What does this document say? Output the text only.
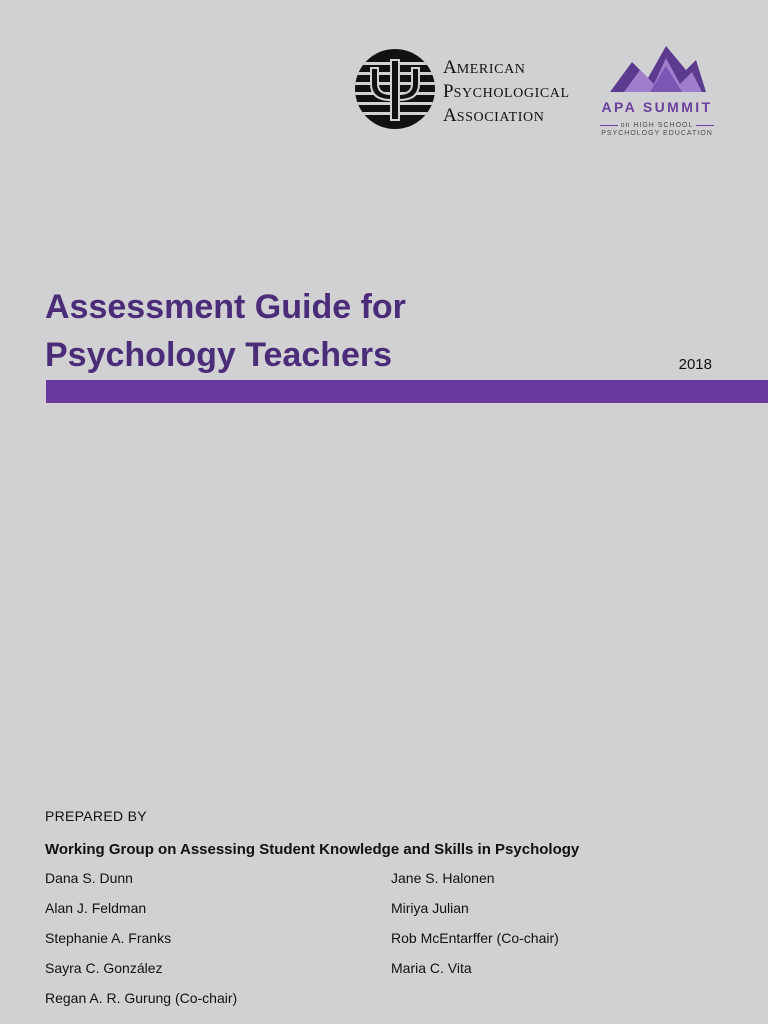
AMERICAN
PSYCHOLOGICAL
ASSOCIATION
APA SUMMIT
on HIGH SCHOOL
PSYCHOLOGY EDUCATION
Assessment Guide for
Psychology Teachers	2018
PREPARED BY
Working Group on Assessing Student Knowledge and Skills in Psychology
Dana S. Dunn
Alan J. Feldman
Stephanie A. Franks
Sayra C. González
Regan A. R. Gurung (Co-chair)
Jane S. Halonen
Miriya Julian
Rob McEntarffer (Co-chair)
Maria C. Vita
